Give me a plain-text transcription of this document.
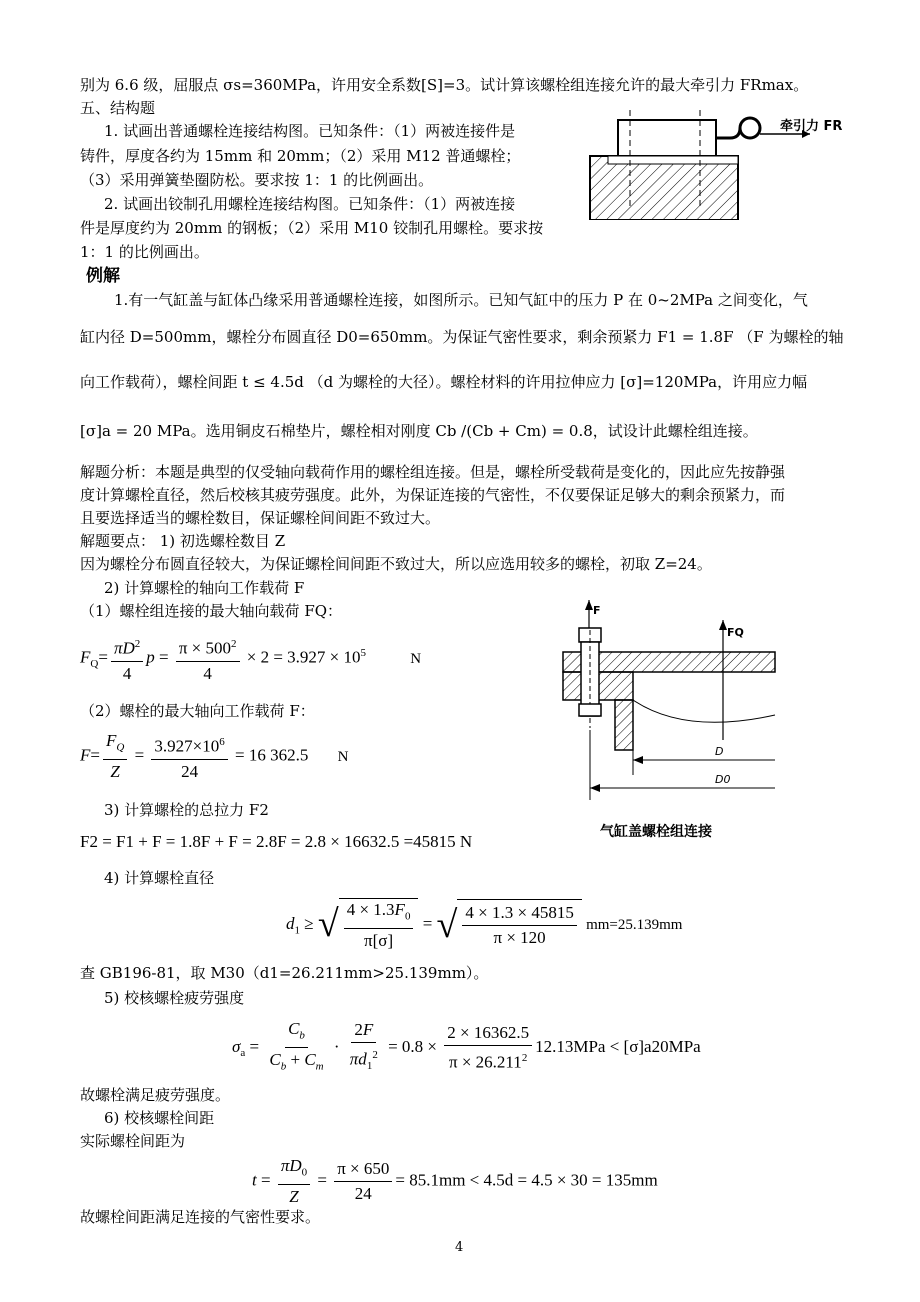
别为 6.6 级，屈服点 σs=360MPa，许用安全系数[S]=3。试计算该螺栓组连接允许的最大牵引力 FRmax。
五、结构题
1. 试画出普通螺栓连接结构图。已知条件：（1）两被连接件是
铸件，厚度各约为 15mm 和 20mm；（2）采用 M12 普通螺栓；
（3）采用弹簧垫圈防松。要求按 1：1 的比例画出。
2. 试画出铰制孔用螺栓连接结构图。已知条件：（1）两被连接
件是厚度约为 20mm 的钢板；（2）采用 M10 铰制孔用螺栓。要求按
1：1 的比例画出。
牵引力 FR
例解
1.有一气缸盖与缸体凸缘采用普通螺栓连接，如图所示。已知气缸中的压力 P 在 0~2MPa 之间变化，气
缸内径 D=500mm，螺栓分布圆直径 D0=650mm。为保证气密性要求，剩余预紧力 F1 = 1.8F （F 为螺栓的轴
向工作载荷），螺栓间距 t ≤ 4.5d （d 为螺栓的大径）。螺栓材料的许用拉伸应力 [σ]=120MPa，许用应力幅
[σ]a = 20 MPa。选用铜皮石棉垫片，螺栓相对刚度 Cb /(Cb + Cm) = 0.8，试设计此螺栓组连接。
解题分析：本题是典型的仅受轴向载荷作用的螺栓组连接。但是，螺栓所受载荷是变化的，因此应先按静强
度计算螺栓直径，然后校核其疲劳强度。此外，为保证连接的气密性，不仅要保证足够大的剩余预紧力，而
且要选择适当的螺栓数目，保证螺栓间间距不致过大。
解题要点： 1) 初选螺栓数目 Z
因为螺栓分布圆直径较大，为保证螺栓间间距不致过大，所以应选用较多的螺栓，初取 Z=24。
2) 计算螺栓的轴向工作载荷 F
（1）螺栓组连接的最大轴向载荷 FQ：
$F_Q= \frac{\pi D^2}{4}$ $p = \frac{\pi \times 500^2}{4} \times 2 = 3.927 \times 10^5$	N
（2）螺栓的最大轴向工作载荷 F：
$F= \frac{F_Q}{Z} = \frac{3.927\times 10^6}{24} = 16$ 362.5 N
3) 计算螺栓的总拉力 F2
F2 = F1 + F = 1.8F + F = 2.8F = 2.8 × 16632.5 =45815 N
4) 计算螺栓直径
$d_1$ ≥ √ $\frac{4 \times 1.3F_0}{\pi[\sigma]}$ = √ $\frac{4 \times 1.3 \times 45815}{\pi \times 120} mm=25.139mm$
查 GB196-81，取 M30（d1=26.211mm>25.139mm）。
5) 校核螺栓疲劳强度
$\sigma_a = \frac{C_b}{C_b + C_m} \cdot \frac{2F}{\pi d_1^2} = 0.8 \times \frac{2 \times 16362.5}{\pi \times 26.211^2} 12.13MPa < [\sigma]a20MPa$
故螺栓满足疲劳强度。
6) 校核螺栓间距
实际螺栓间距为
$t = \frac{\pi D_0}{Z} = \frac{\pi \times 650}{24} = 85.1mm < 4.5d = 4.5 \times 30 = 135mm$
故螺栓间距满足连接的气密性要求。
4
F
FQ
D
D0
气缸盖螺栓组连接
